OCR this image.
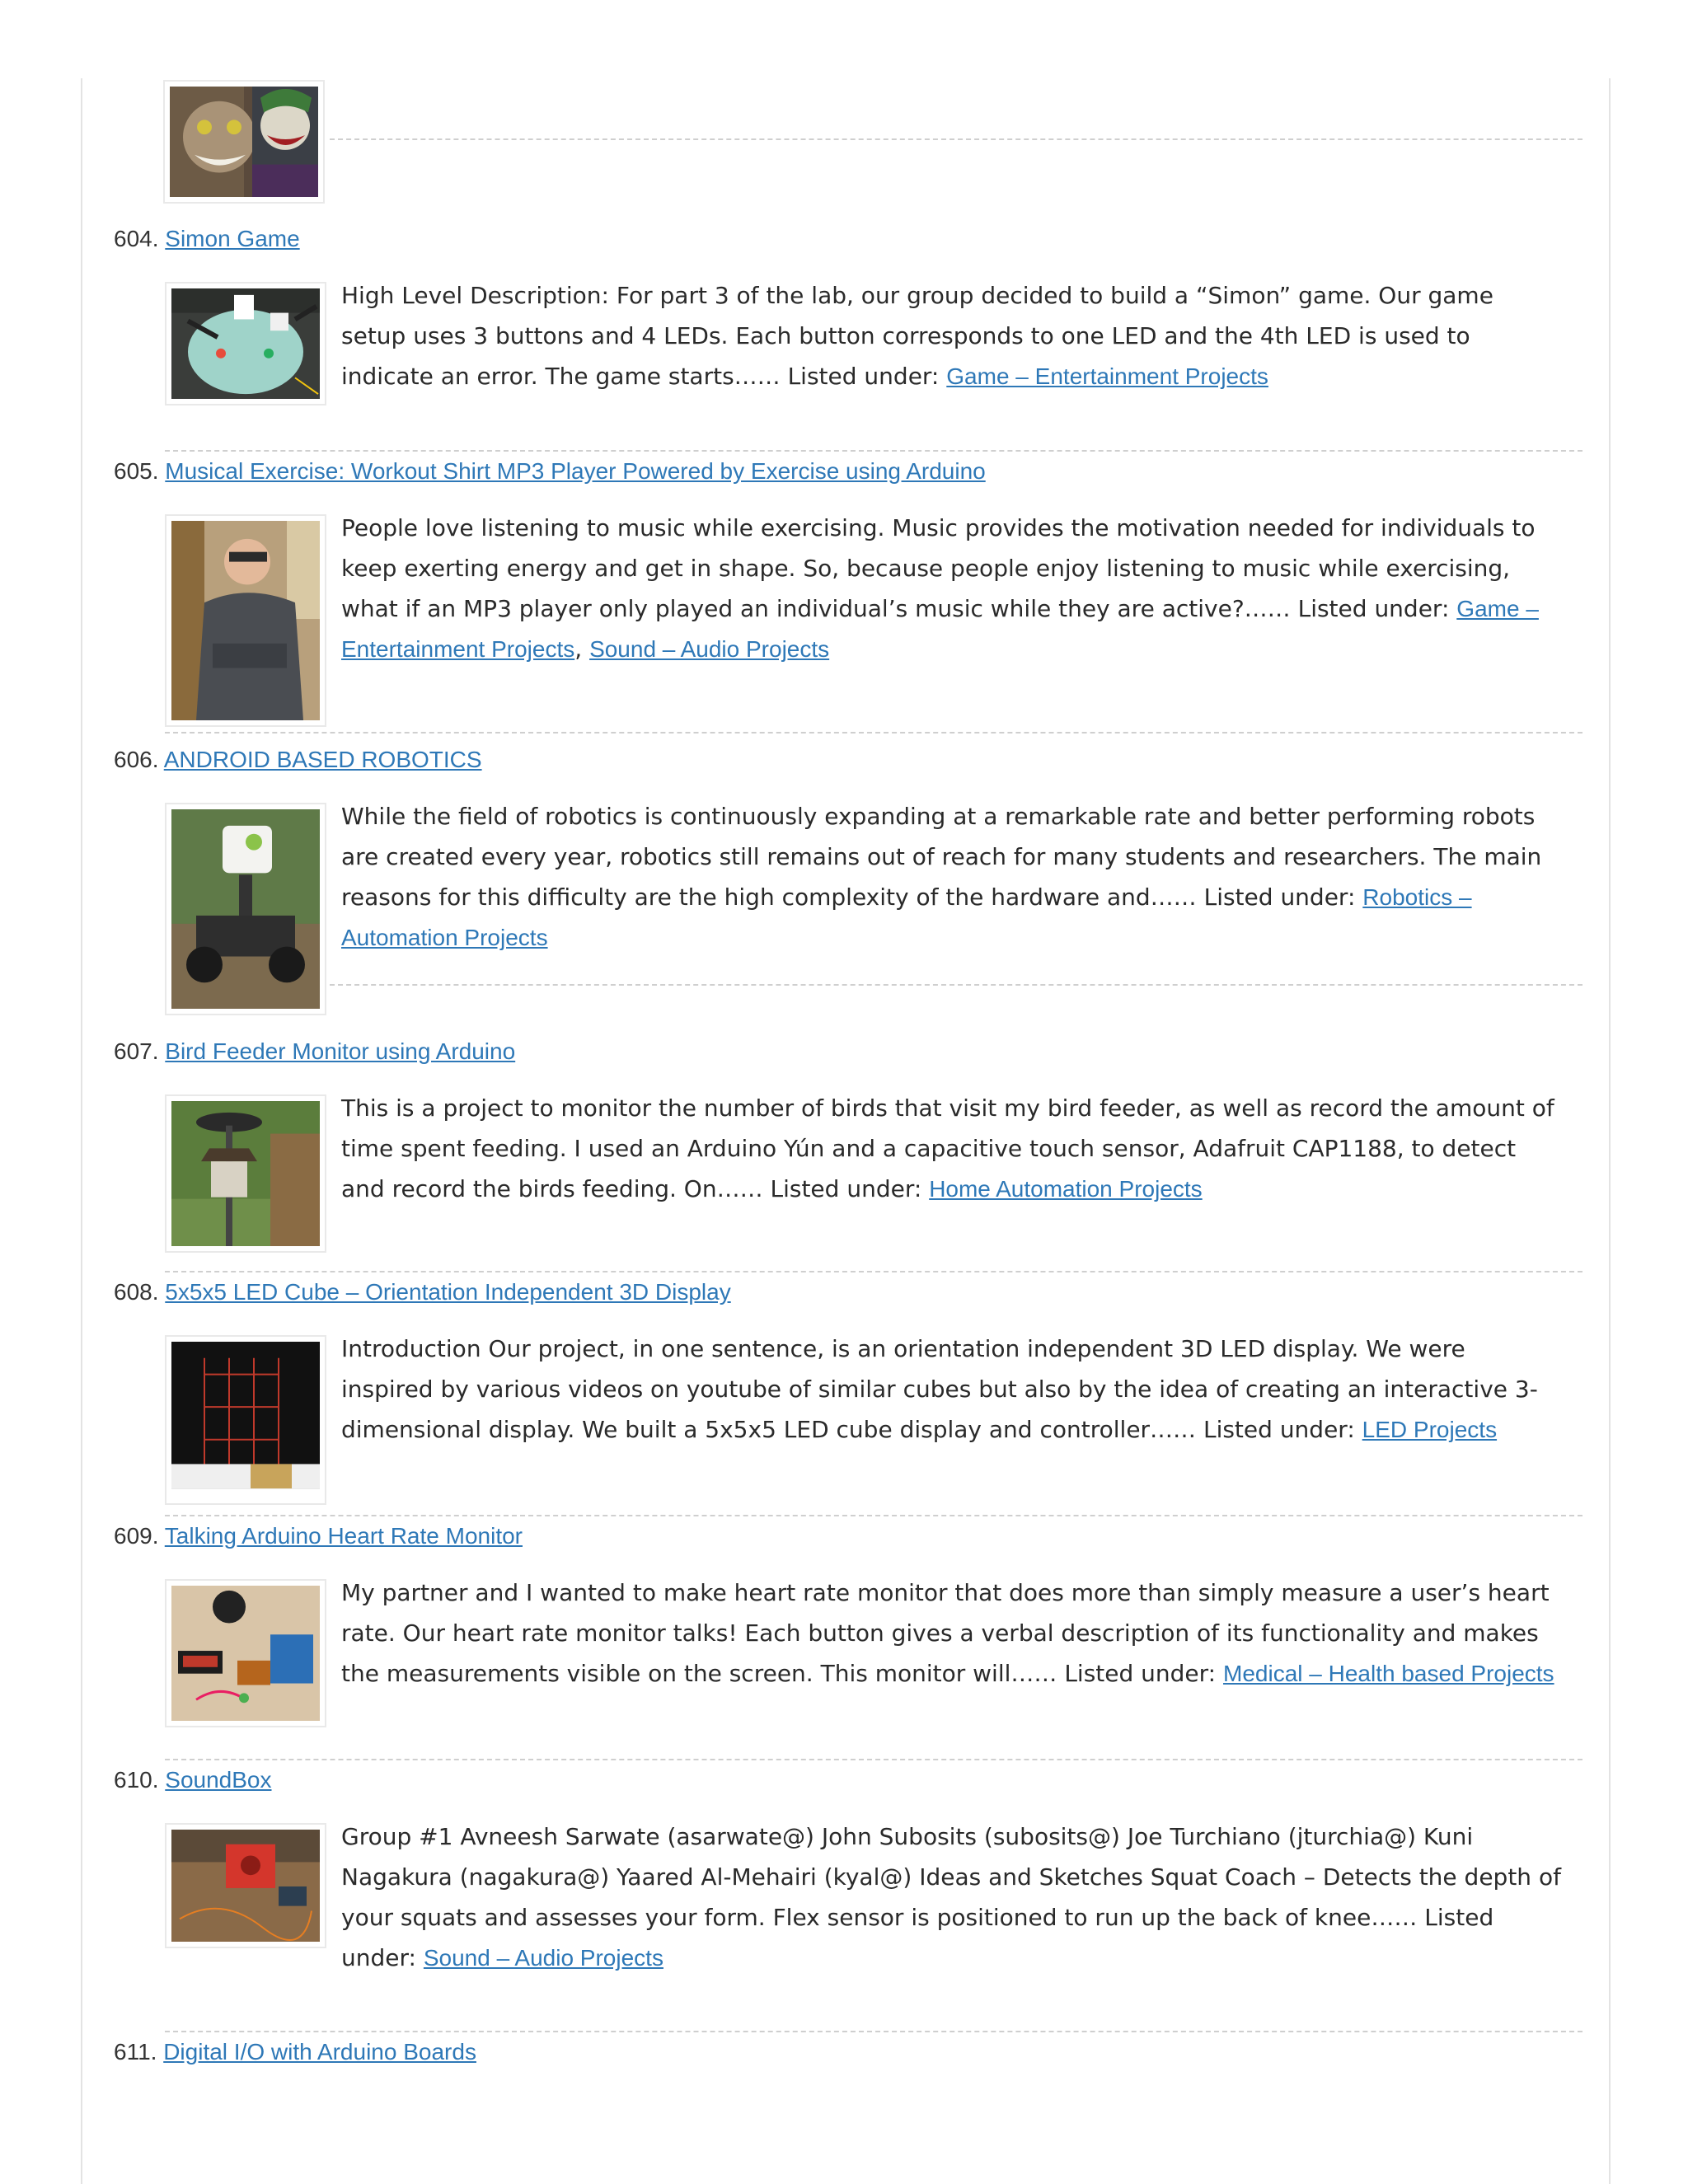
604. Simon Game
High Level Description: For part 3 of the lab, our group decided to build a “Simon” game. Our game setup uses 3 buttons and 4 LEDs. Each button corresponds to one LED and the 4th LED is used to indicate an error. The game starts…… Listed under: Game – Entertainment Projects
605. Musical Exercise: Workout Shirt MP3 Player Powered by Exercise using Arduino
People love listening to music while exercising. Music provides the motivation needed for individuals to keep exerting energy and get in shape. So, because people enjoy listening to music while exercising, what if an MP3 player only played an individual’s music while they are active?…… Listed under: Game – Entertainment Projects, Sound – Audio Projects
606. ANDROID BASED ROBOTICS
While the field of robotics is continuously expanding at a remarkable rate and better performing robots are created every year, robotics still remains out of reach for many students and researchers. The main reasons for this difficulty are the high complexity of the hardware and…… Listed under: Robotics – Automation Projects
607. Bird Feeder Monitor using Arduino
This is a project to monitor the number of birds that visit my bird feeder, as well as record the amount of time spent feeding. I used an Arduino Yún and a capacitive touch sensor, Adafruit CAP1188, to detect and record the birds feeding. On…… Listed under: Home Automation Projects
608. 5x5x5 LED Cube – Orientation Independent 3D Display
Introduction Our project, in one sentence, is an orientation independent 3D LED display. We were inspired by various videos on youtube of similar cubes but also by the idea of creating an interactive 3-dimensional display. We built a 5x5x5 LED cube display and controller…… Listed under: LED Projects
609. Talking Arduino Heart Rate Monitor
My partner and I wanted to make heart rate monitor that does more than simply measure a user’s heart rate. Our heart rate monitor talks! Each button gives a verbal description of its functionality and makes the measurements visible on the screen. This monitor will…… Listed under: Medical – Health based Projects
610. SoundBox
Group #1 Avneesh Sarwate (asarwate@) John Subosits (subosits@) Joe Turchiano (jturchia@) Kuni Nagakura (nagakura@) Yaared Al-Mehairi (kyal@) Ideas and Sketches Squat Coach – Detects the depth of your squats and assesses your form. Flex sensor is positioned to run up the back of knee…… Listed under: Sound – Audio Projects
611. Digital I/O with Arduino Boards
